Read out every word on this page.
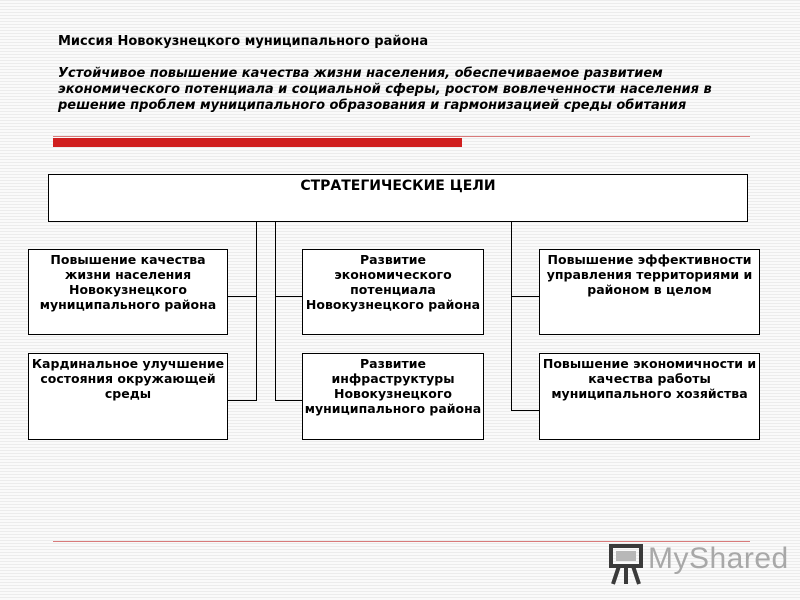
Миссия Новокузнецкого муниципального района
Устойчивое повышение качества жизни населения, обеспечиваемое развитием экономического потенциала и социальной сферы, ростом вовлеченности населения в решение проблем муниципального образования и гармонизацией среды обитания
СТРАТЕГИЧЕСКИЕ ЦЕЛИ
Повышение качества жизни населения Новокузнецкого муниципального района
Кардинальное улучшение состояния окружающей среды
Развитие экономического потенциала Новокузнецкого района
Развитие инфраструктуры Новокузнецкого муниципального района
Повышение эффективности управления территориями и районом в целом
Повышение экономичности и качества работы муниципального хозяйства
MyShared
